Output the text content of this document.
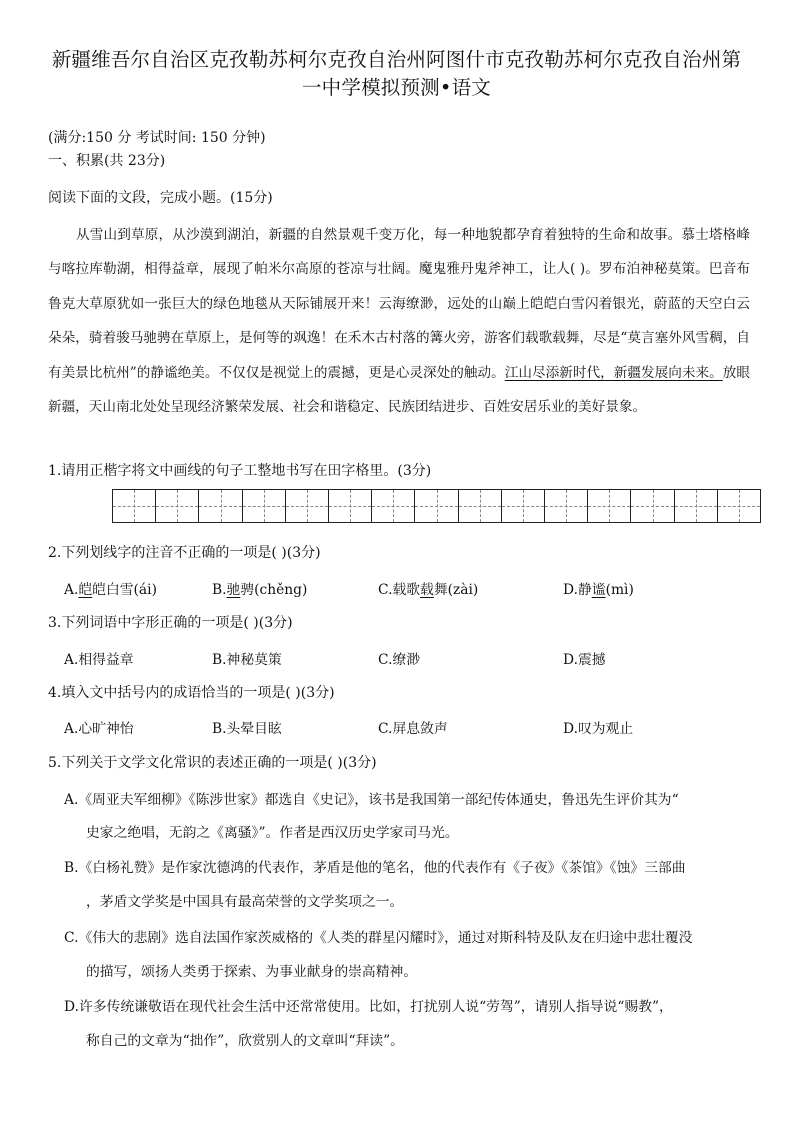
新疆维吾尔自治区克孜勒苏柯尔克孜自治州阿图什市克孜勒苏柯尔克孜自治州第
一中学模拟预测•语文
(满分:150 分 考试时间: 150 分钟)
一、积累(共 23分)
阅读下面的文段，完成小题。(15分)

从雪山到草原，从沙漠到湖泊，新疆的自然景观千变万化，每一种地貌都孕育着独特的生命和故事。慕士塔格峰与喀拉库勒湖，相得益章，展现了帕米尔高原的苍凉与壮阔。魔鬼雅丹鬼斧神工，让人( )。罗布泊神秘莫策。巴音布鲁克大草原犹如一张巨大的绿色地毯从天际铺展开来！云海缭渺，远处的山巅上皑皑白雪闪着银光，蔚蓝的天空白云朵朵，骑着骏马驰骋在草原上，是何等的飒逸！在禾木古村落的篝火旁，游客们载歌载舞，尽是“莫言塞外风雪稠，自有美景比杭州”的静谧绝美。不仅仅是视觉上的震撼，更是心灵深处的触动。江山尽添新时代，新疆发展向未来。放眼新疆，天山南北处处呈现经济繁荣发展、社会和谐稳定、民族团结进步、百姓安居乐业的美好景象。

1.请用正楷字将文中画线的句子工整地书写在田字格里。(3分)
2.下列划线字的注音不正确的一项是( )(3分)
A.皑皑白雪(ái)	B.驰骋(chěng)	C.载歌载舞(zài)	D.静谧(mì)
3.下列词语中字形正确的一项是( )(3分)
A.相得益章	B.神秘莫策	C.缭渺	D.震撼
4.填入文中括号内的成语恰当的一项是( )(3分)
A.心旷神怡	B.头晕目眩	C.屏息敛声	D.叹为观止
5.下列关于文学文化常识的表述正确的一项是( )(3分)
A.《周亚夫军细柳》《陈涉世家》都选自《史记》，该书是我国第一部纪传体通史，鲁迅先生评价其为“
史家之绝唱，无韵之《离骚》”。作者是西汉历史学家司马光。
B.《白杨礼赞》是作家沈德鸿的代表作，茅盾是他的笔名，他的代表作有《子夜》《茶馆》《蚀》三部曲
，茅盾文学奖是中国具有最高荣誉的文学奖项之一。
C.《伟大的悲剧》选自法国作家茨威格的《人类的群星闪耀时》，通过对斯科特及队友在归途中悲壮覆没
的描写，颂扬人类勇于探索、为事业献身的崇高精神。
D.许多传统谦敬语在现代社会生活中还常常使用。比如，打扰别人说“劳驾”，请别人指导说“赐教”，
称自己的文章为“拙作”，欣赏别人的文章叫“拜读”。
